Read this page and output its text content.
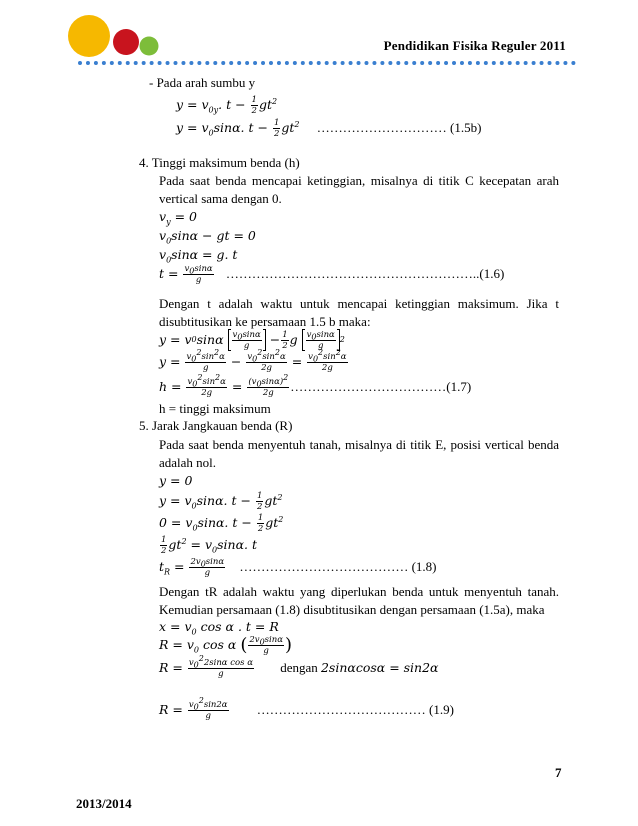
Pendidikan Fisika Reguler 2011
- Pada arah sumbu y
$y = v_{0y}$. $t - \frac{1}{2} gt^2$
$y = v_0\sin\alpha$. $t - \frac{1}{2} gt^2$ ………………………… (1.5b)
4. Tinggi maksimum benda (h)
Pada saat benda mencapai ketinggian, misalnya di titik C kecepatan arah
vertical sama dengan 0.
$v_y = 0$
$v_0\sin\alpha$ − gt = 0
$v_0\sin\alpha = g$. t
$t = \frac{v_0\sin\alpha}{g}$ …………………………………………………..(1.6)
Dengan t adalah waktu untuk mencapai ketinggian maksimum. Jika t
disubtitusikan ke persamaan 1.5 b maka:
y = v 0 sinα $\frac{v_0\sin\alpha}{g} - \frac{1}{2}$ g $\frac{v_0\sin\alpha}{g} 2$
$y = \frac{v_0^2\sin^2\alpha}{g} - \frac{v_0^2\sin^2\alpha}{2g} = \frac{v_0^2\sin^2\alpha}{2g}$
$h = \frac{v_0^2\sin^2\alpha}{2g} = \frac{(v_0\sin\alpha)^2}{2g}$ ………………………………(1.7)
h = tinggi maksimum
5. Jarak Jangkauan benda (R)
Pada saat benda menyentuh tanah, misalnya di titik E, posisi vertical benda
adalah nol.
y = 0
$y = v_0\sin\alpha$. $t - \frac{1}{2} gt^2$
$0 = v_0\sin\alpha$. $t - \frac{1}{2} gt^2$
$\frac{1}{2} gt^2 = v_0\sin\alpha$. t
$t_R = \frac{2v_0\sin\alpha}{g}$ ………………………………… (1.8)
Dengan tR adalah waktu yang diperlukan benda untuk menyentuh tanah.
Kemudian persamaan (1.8) disubtitusikan dengan persamaan (1.5a), maka
$x = v_0$ cos α . t = R
$R = v_0$ cos α ( $\frac{2v_0\sin\alpha}{g}$ )
$R = \frac{v_0^22\sin\alpha \cos \alpha}{g}$ dengan 2sinαcosα = sin2α
$R = \frac{v_0^2\sin 2\alpha}{g}$ ………………………………… (1.9)
7
2013/2014
